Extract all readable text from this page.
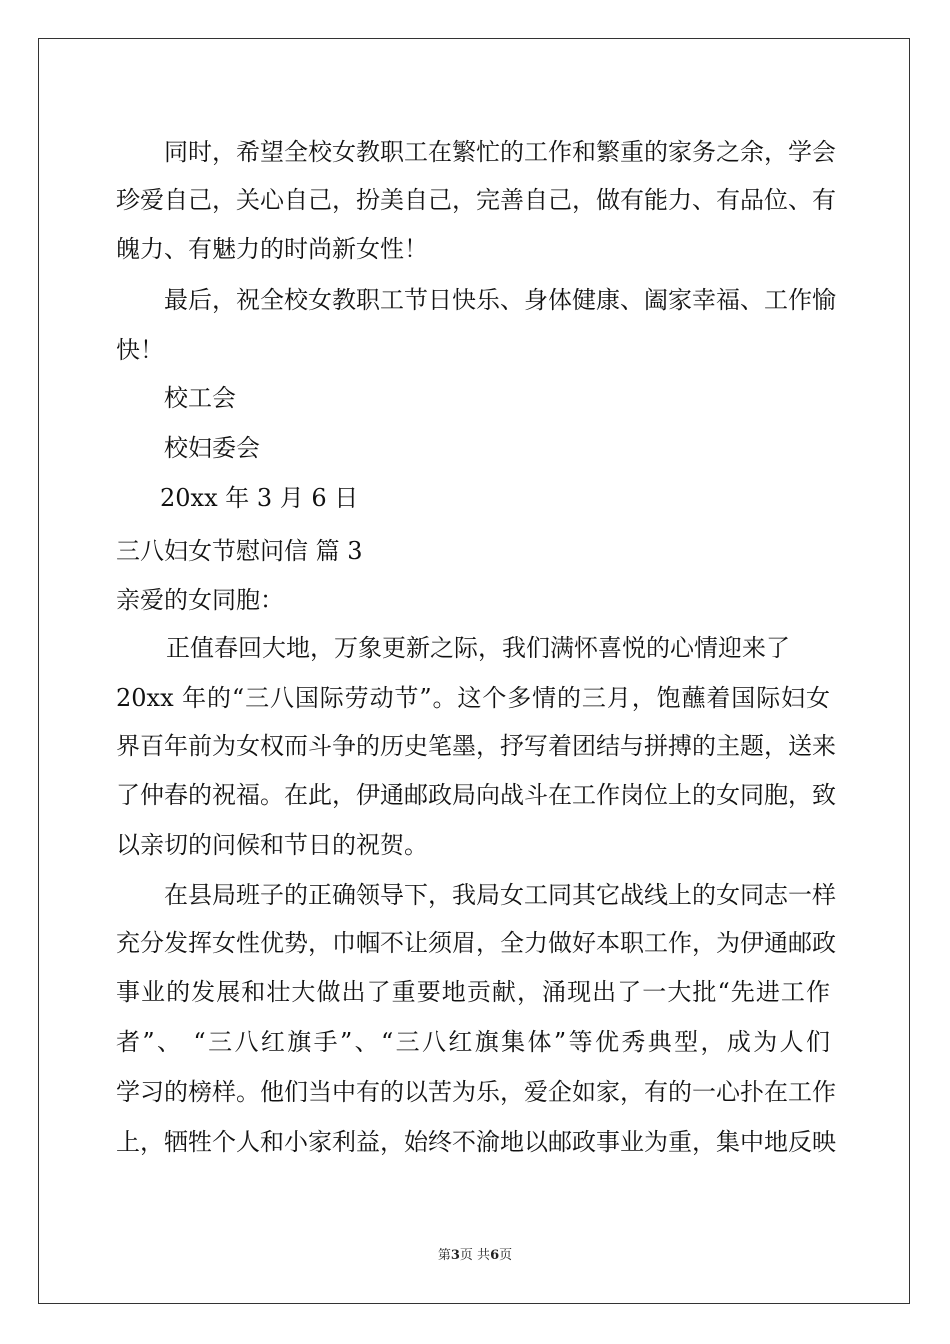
同时，希望全校女教职工在繁忙的工作和繁重的家务之余，学会
珍爱自己，关心自己，扮美自己，完善自己，做有能力、有品位、有
魄力、有魅力的时尚新女性！
最后，祝全校女教职工节日快乐、身体健康、阖家幸福、工作愉
快！
校工会
校妇委会
20xx 年 3 月 6 日
三八妇女节慰问信 篇 3
亲爱的女同胞：
正值春回大地，万象更新之际，我们满怀喜悦的心情迎来了
20xx 年的“三八国际劳动节”。这个多情的三月，饱蘸着国际妇女
界百年前为女权而斗争的历史笔墨，抒写着团结与拼搏的主题，送来
了仲春的祝福。在此，伊通邮政局向战斗在工作岗位上的女同胞，致
以亲切的问候和节日的祝贺。
在县局班子的正确领导下，我局女工同其它战线上的女同志一样
充分发挥女性优势，巾帼不让须眉，全力做好本职工作，为伊通邮政
事业的发展和壮大做出了重要地贡献，涌现出了一大批“先进工作
者”、 “三八红旗手”、“三八红旗集体”等优秀典型，成为人们
学习的榜样。他们当中有的以苦为乐，爱企如家，有的一心扑在工作
上，牺牲个人和小家利益，始终不渝地以邮政事业为重，集中地反映
第3页 共6页
